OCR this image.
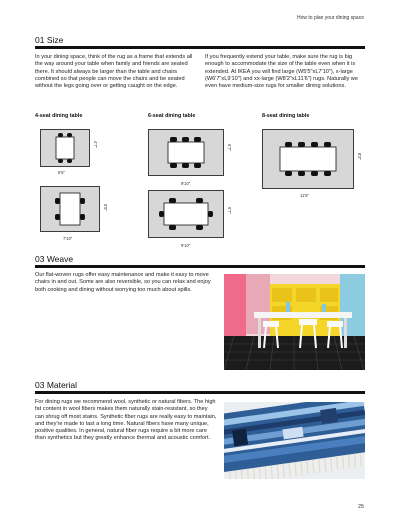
How to plan your dining space
01 Size
In your dining space, think of the rug as a frame that extends all the way around your table when family and friends are seated there. It should always be larger than the table and chairs combined so that people can move the chairs and be seated without the legs going over or getting caught on the edge.
If you frequently extend your table, make sure the rug is big enough to accommodate the size of the table even when it is extended. At IKEA you will find large (W5'5"xL7'10"), x-large (W6'7"xL9'10") and xx-large (W8'2"xL11'6") rugs. Naturally we even have medium-size rugs for smaller dining solutions.
4-seat dining table	6-seat dining table	8-seat dining table
5'5"
4'7"
7'10"
5'5"
9'10"
6'7"
9'10"
6'7"
11'6"
8'2"
03 Weave
Our flat-woven rugs offer easy maintenance and make it easy to move chairs in and out. Some are also reversible, so you can relax and enjoy both cooking and dining without worrying too much about spills.
03 Material
For dining rugs we recommend wool, synthetic or natural fibers. The high fat content in wool fibers makes them naturally stain-resistant, so they can shrug off most stains. Synthetic fiber rugs are really easy to maintain, and they're made to last a long time. Natural fibers have many unique, positive qualities. In general, natural fiber rugs require a bit more care than synthetics but they greatly enhance thermal and acoustic comfort.
25
